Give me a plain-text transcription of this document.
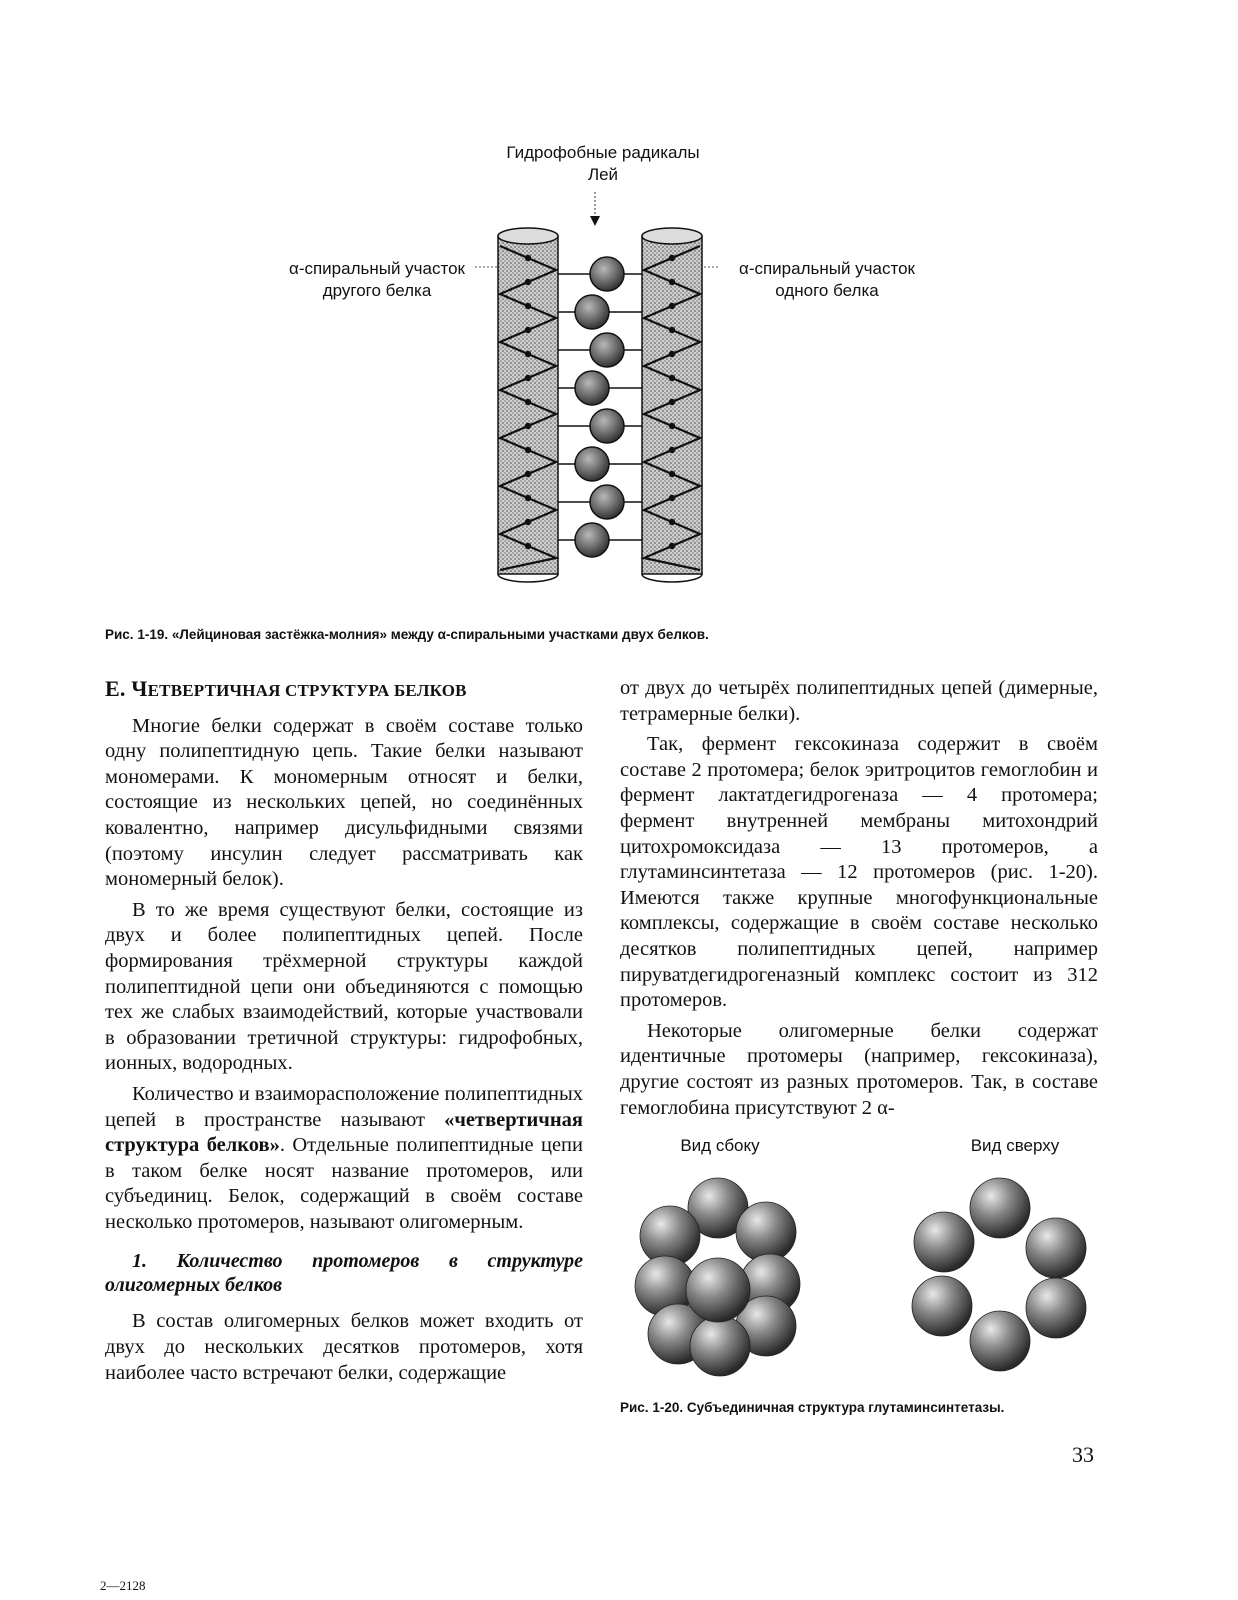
Гидрофобные радикалы
Лей
α-спиральный участок
другого белка
α-спиральный участок
одного белка
Рис. 1-19. «Лейциновая застёжка-молния» между α-спиральными участками двух белков.
Е. ЧЕТВЕРТИЧНАЯ СТРУКТУРА БЕЛКОВ

Многие белки содержат в своём составе только одну полипептидную цепь. Такие белки называют мономерами. К мономерным относят и белки, состоящие из нескольких цепей, но соединённых ковалентно, например дисульфидными связями (поэтому инсулин следует рассматривать как мономерный белок).

В то же время существуют белки, состоящие из двух и более полипептидных цепей. После формирования трёхмерной структуры каждой полипептидной цепи они объединяются с помощью тех же слабых взаимодействий, которые участвовали в образовании третичной структуры: гидрофобных, ионных, водородных.

Количество и взаиморасположение полипептидных цепей в пространстве называют «четвертичная структура белков». Отдельные полипептидные цепи в таком белке носят название протомеров, или субъединиц. Белок, содержащий в своём составе несколько протомеров, называют олигомерным.

1. Количество протомеров в структуре олигомерных белков

В состав олигомерных белков может входить от двух до нескольких десятков протомеров, хотя наиболее часто встречают белки, содержащие

от двух до четырёх полипептидных цепей (димерные, тетрамерные белки).

Так, фермент гексокиназа содержит в своём составе 2 протомера; белок эритроцитов гемоглобин и фермент лактатдегидрогеназа — 4 протомера; фермент внутренней мембраны митохондрий цитохромоксидаза — 13 протомеров, а глутаминсинтетаза — 12 протомеров (рис. 1-20). Имеются также крупные многофункциональные комплексы, содержащие в своём составе несколько десятков полипептидных цепей, например пируватдегидрогеназный комплекс состоит из 312 протомеров.

Некоторые олигомерные белки содержат идентичные протомеры (например, гексокиназа), другие состоят из разных протомеров. Так, в составе гемоглобина присутствуют 2 α-

Вид сбоку	Вид сверху
Рис. 1-20. Субъединичная структура глутаминсинтетазы.
33
2—2128
